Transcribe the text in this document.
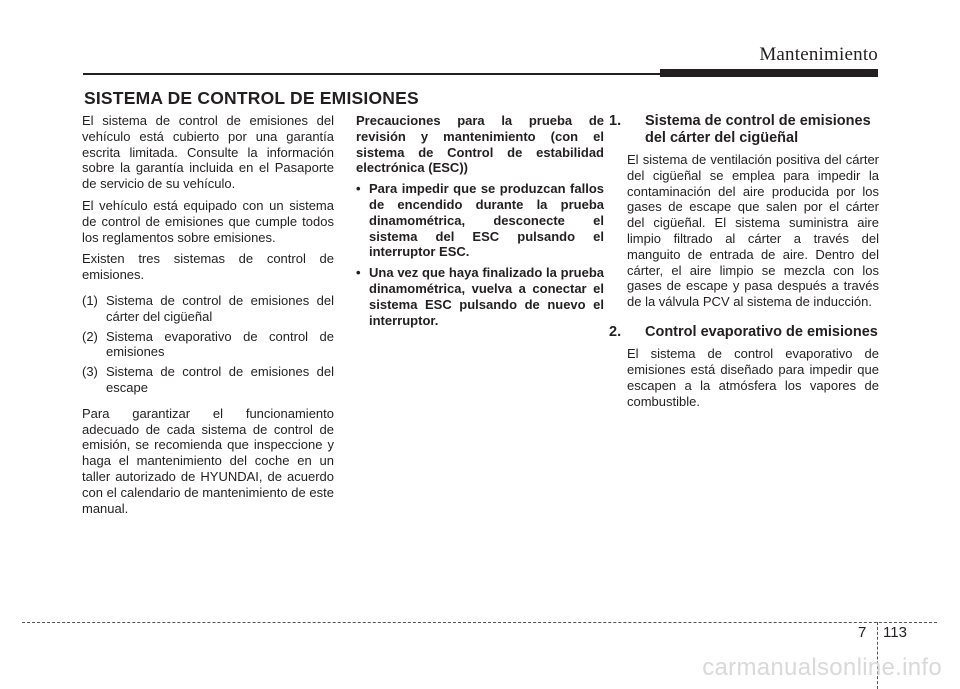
Mantenimiento
SISTEMA DE CONTROL DE EMISIONES

El sistema de control de emisiones del vehículo está cubierto por una garantía escrita limitada. Consulte la información sobre la garantía incluida en el Pasaporte de servicio de su vehículo.

El vehículo está equipado con un sistema de control de emisiones que cumple todos los reglamentos sobre emisiones.

Existen tres sistemas de control de emisiones.

(1) Sistema de control de emisiones del cárter del cigüeñal
(2) Sistema evaporativo de control de emisiones
(3) Sistema de control de emisiones del escape

Para garantizar el funcionamiento adecuado de cada sistema de control de emisión, se recomienda que inspeccione y haga el mantenimiento del coche en un taller autorizado de HYUNDAI, de acuerdo con el calendario de mantenimiento de este manual.

Precauciones para la prueba de revisión y mantenimiento (con el sistema de Control de estabilidad electrónica (ESC))

• Para impedir que se produzcan fallos de encendido durante la prueba dinamométrica, desconecte el sistema del ESC pulsando el interruptor ESC.
• Una vez que haya finalizado la prueba dinamométrica, vuelva a conectar el sistema ESC pulsando de nuevo el interruptor.
1. Sistema de control de emisiones del cárter del cigüeñal

El sistema de ventilación positiva del cárter del cigüeñal se emplea para impedir la contaminación del aire producida por los gases de escape que salen por el cárter del cigüeñal. El sistema suministra aire limpio filtrado al cárter a través del manguito de entrada de aire. Dentro del cárter, el aire limpio se mezcla con los gases de escape y pasa después a través de la válvula PCV al sistema de inducción.

2. Control evaporativo de emisiones

El sistema de control evaporativo de emisiones está diseñado para impedir que escapen a la atmósfera los vapores de combustible.

7 113
carmanualsonline.info
